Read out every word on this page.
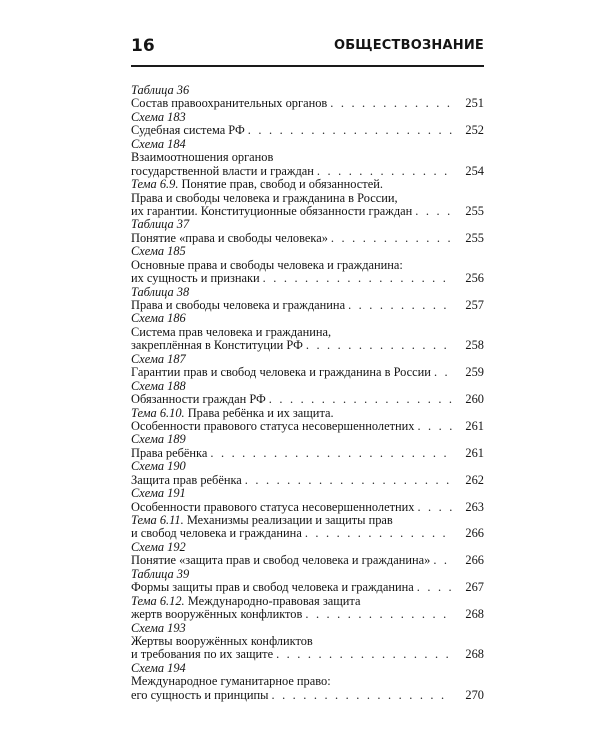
16	ОБЩЕСТВОЗНАНИЕ
Таблица 36
Состав правоохранительных органов . . .	251
Схема 183
Судебная система РФ . . .	252
Схема 184
Взаимоотношения органов
государственной власти и граждан . . .	254
Тема 6.9. Понятие прав, свобод и обязанностей.
Права и свободы человека и гражданина в России,
их гарантии. Конституционные обязанности граждан . . .	255
Таблица 37
Понятие «права и свободы человека» . . .	255
Схема 185
Основные права и свободы человека и гражданина:
их сущность и признаки . . .	256
Таблица 38
Права и свободы человека и гражданина . . .	257
Схема 186
Система прав человека и гражданина,
закреплённая в Конституции РФ . . .	258
Схема 187
Гарантии прав и свобод человека и гражданина в России . . .	259
Схема 188
Обязанности граждан РФ . . .	260
Тема 6.10. Права ребёнка и их защита.
Особенности правового статуса несовершеннолетних . . .	261
Схема 189
Права ребёнка . . .	261
Схема 190
Защита прав ребёнка . . .	262
Схема 191
Особенности правового статуса несовершеннолетних . . .	263
Тема 6.11. Механизмы реализации и защиты прав
и свобод человека и гражданина . . .	266
Схема 192
Понятие «защита прав и свобод человека и гражданина» . . .	266
Таблица 39
Формы защиты прав и свобод человека и гражданина . . .	267
Тема 6.12. Международно-правовая защита
жертв вооружённых конфликтов . . .	268
Схема 193
Жертвы вооружённых конфликтов
и требования по их защите . . .	268
Схема 194
Международное гуманитарное право:
его сущность и принципы . . .	270
